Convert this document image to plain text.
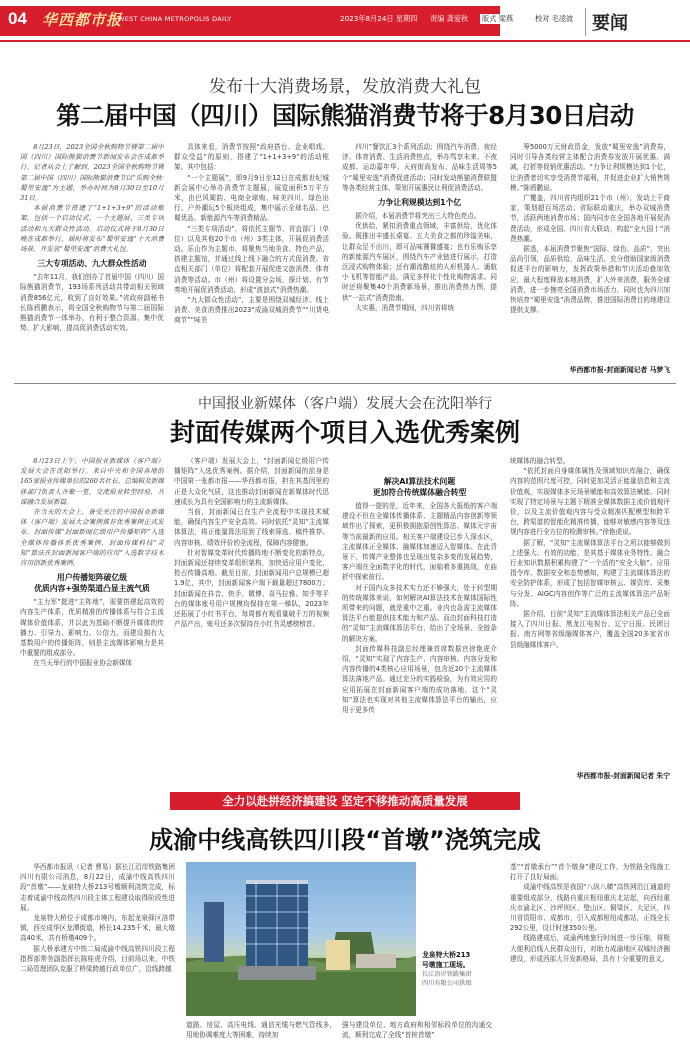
04 华西都市报
WEST CHINA METROPOLIS DAILY	2023年8月24日 星期四 责编 龚爱秋 版式 梁燕	校对 毛凌波 要闻
发布十大消费场景，发放消费大礼包
第二届中国（四川）国际熊猫消费节将于8月30日启动

8月23日，2023全国全秋购物节暨第二届中国（四川）国际熊猫消费节新闻发布会在成都举行。记者从会上了解到，2023全国全秋购物节暨第二届中国（四川）国际熊猫消费节以“乐购全秋·蜀里安逸”为主题，举办时间为8月30日至10月31日。

本届消费节搭建了“1+1+3+9”的活动框架，包括一个启动仪式、一个主题展、三类专项活动和九大群众性活动。启动仪式将于8月30日晚在成都举行，届时将发布“蜀里安逸”十大消费场景，并发放“蜀里安逸”消费大礼包。

三大专项活动、九大群众性活动

“去年11月，我们创办了首届中国（四川）国际熊猫消费节，193场系列活动共带动相关领域消费856亿元，收到了良好效果。”省政府副秘书长陈鸦鹏表示，将全国全秋购物节与第二届国际熊猫消费节一体举办，有利于整合资源、集中优势、扩大影响，提高促消费活动实效。

具体来看，消费节按照“政府搭台、企业唱戏、群众受益”的原则，搭建了“1+1+3+9”的活动框架。其中包括：

“一个主题展”，即9月9日至12日在成都世纪城新会展中心举办消费节主题展，展览面积5万平方米，由巴风蜀韵、电商全球购、味美四川、绿色出行、户外潮玩5个板块组成，集中展示全球名品、巴蜀优品、新能源汽车等消费精品。

“三类专项活动”，将依托主题节、省直部门（单位）以及其他20个市（州）3类主体，开展促消费活动。乐山作为主题市，将聚焦当地美食、特色产品，搭建主题馆，并通过线上线下融合的方式促消费。省直相关部门（单位）将配套开展促进文旅消费、体育消费等活动。市（州）将设置分会场，探计划、有节奏地开展促消费活动，形成“波浪式”消费热潮。

“九大群众性活动”，主要是围绕双城经济、线上消费、美食消费推出2023“成渝双城消费节”“川货电商节”“味美

四川”餐饮汇3个系列活动；围绕汽车消费、夜经济、体育消费、生活消费热点，举办骂享未来、不夜成都、运动嘉年华、天府街尚发布、品味生活周等5个“蜀里安逸”消费促进活动；同时发动熊猫消费联盟等各类经营主体，策划开展惠民让利促消费活动。

力争让利规模达到1个亿

据介绍，本届消费节将突出三大特色亮点。

优供给，紧扣消费重点领域，丰富供给，优化体验。既推出丰盛长桌宴、五大美食之都的珍馐美味，让群众足不出川，即可品味饕餮盛宴；也有乐购乐享的新能源汽车展区，围绕汽车产业链进行展示，打造沉浸式购物体验；还有潮流酷炫的人形机器人、通航小飞机等智能产品，满足多样化个性化购物需求。同时还将聚集40个消费新场景，推出消费热力图，提供“一站式”消费指南。

大实惠，消费节期间，四川省将统

筹5000万元财政资金，发放“蜀里安逸”消费券，同时引导各类经营主体配合消费券发放开展优惠、满减，打折等促销优惠活动。“力争让利规模达到1个亿，让消费者切实享受消费节福利，并促进企业扩大销售规模。”陈鸦鹏说。

广覆盖，四川省内组织21个市（州），发动上千商家，策划超百场活动；省际联动重庆，举办双城消费节，活跃两地消费市场；国内同步在全国各地开展促消费活动，形成全国、四川省大联动，构起“全九国十”消费热潮。

据悉，本届消费节聚焦“国际、绿色、品质”，突出品尚引领，品质供给，品味生活，充分借助国家级消费促进平台的影响力，发挥政策举措和节庆活动叠加效应，最大程度释放本地消费，扩大外来消费，服务全球消费，进一步擦亮全国消费市场活力，同时也为四川加快培育“蜀里安逸”消费品牌，推进国际消费目的地建设提供支撑。

华西都市报-封面新闻记者 马梦飞
中国报业新媒体（客户端）发展大会在沈阳举行
封面传媒两个项目入选优秀案例

8月23日上午，中国报业新媒体（客户端）发展大会在沈阳举行。来自中央和全国各地的165家报业传媒单位的260名社长、总编辑及新媒体部门负责人齐聚一堂，交流报业转型经验，共谋融合发展新篇。

在当天的大会上，备受关注的中国报业新媒体（客户端）发展大会案例推荐优秀案例正式发布。封面传媒“封面新闻亿级用户传播矩阵”入选全媒体传播体系优秀案例，封面传媒科技“灵知”算法在封面新闻客户端的应用”入选数字技术应用创新优秀案例。

用户传播矩阵破亿级
优质内容+强势渠道凸显主流气质

“主力军”挺进“主阵地”，需要搭建起高效的内容生产体系，优质精准的传播体系与符合主流媒体价值体系，并以此为基础不断提升媒体的传播力、引导力、影响力、公信力。而建设拥有大基数用户的传播矩阵，则是主流媒体影响力是其中重要的组成部分。

在当天举行的中国报业协会新媒体

（客户端）发展大会上，“封面新闻亿级用户传播矩阵”入选优秀案例。据介绍，封面新闻的前身是中国第一张都市报——华西都市报，担在其基因里的正是大众化气质，这也推动封面新闻在新媒体时代迅速成长为具有全国影响力的主流新媒体。

当前，封面新闻已在生产全流程中实现技术赋能，确保内容生产安全高效。同时依托“灵知”主流媒体算法，将正能量算法用到了线索筛选、稿件推荐、内容审核、绩效评价的全流程，保障内容健康。

针对智媒变革时代传播阵地不断变化的新特点，封面新闻还持续变革组织架构，加快适应用户变化，抢占传播高地。截至目前，封面新闻用户总规模已超1.9亿，其中，封面新闻客户端下载量超过7800万；封面新闻在抖音、快手、微博、喜马拉雅、知乎等平台的媒体账号用户规模均保持在第一梯队，2023年还拓展了小红书平台，每周都有观看量破千万的视频产品产出，账号还多次保持在小红书灵感榜榜首。

解决AI算法技术问题
更加符合传统媒体融合转型

值得一提的是，近年来，全国各大报纸的客户端建设不但在全媒体传播体系、主题精品内容创新等领域作出了探索，更积极拥抱原创性算法、媒体元宇宙等当前最新的应用。相关客户端建设已步入深水区，主流媒体正全媒体、融媒体加速迈入智媒体。在此背景下，传媒产业整体也呈现出复杂多变的发展趋势，客户端在全面数字化的时代，面临着多重挑战，在曲折中探索前行。

对于国内众多技术实力还不够强大，处于转型期的传统媒体来说，如何解决AI算法技术在媒体国际性所带来的问题，就是重中之重。业内也急需主流媒体算法平台能提供技术能力和产品。而由封面科技打造的“灵知”主流媒体算法平台，给出了全场景、全链条的解决方案。

封面传媒科技副总经理兼首席数据官徐艳虎介绍，“灵知”实现了内容生产、内容审核、内容分发和内容传播的4类核心应用场景，包含近20个主流媒体算法落地产品。通过充分的实践检验，为有效应用的应用拓展在封面新闻客户端的成功落地，这个“灵知”算法也实现对其他主流媒体算法平台的输出，应用于更多传

统媒体的融合转型。

“依托封面自身媒体属性及领域知识库融合，确保内容的范围尺度可控，同时更加灵活正能量信息和主流价值观，实现媒体多元场景赋能和高效算法赋能。同时实现了特定场景与主题下精准全媒体数据主流价值观评价，以及主流价值观内容与受众精准匹配模型和跨平台，跨渠道的智能化精准传播，能够对敏感内容等及违规内容进行全方位的检测审核。”徐艳虎说。

据了解，“灵知”主流媒体算法平台之所以能够做到上述强大、有效的功能，是其基于媒体业务特性、融合行业知识数据积累构建了“一个活的”安全大脑”。应用指令库、数据安全和态势感知，构建了主流媒体算法的安全防护体系，形成了包括智媒审核云、媒资库、采集与分发、AIGC内容创作等广泛的主流媒体算法产品矩阵。

据介绍，目前“灵知”主流媒体算法相关产品已全面接入了四川日报、黑龙江电视台、辽宁日报、民团日报、南方网等省级融媒体客户，覆盖全国20多家省市县级融媒体客户。

华西都市报-封面新闻记者 朱宁
全力以赴拼经济搞建设 坚定不移推动高质量发展
成渝中线高铁四川段“首墩”浇筑完成

华西都市报讯（记者 曹易）据长江沿岸铁路集团四川有限公司消息，8月22日，成渝中线高铁四川段“首墩”——龙泉特大桥213号墩顺利浇筑完成，标志着成渝中线高铁四川段主体工程建设取得阶段性进展。

龙泉特大桥位于成都市境内，东起龙泉驿区洛带镇，西至成华区龙潭街道，桥长14.235千米，最大墩高40米，共有桥墩409个。

据大桥承建方中铁二局成渝中线高铁四川段工程指挥部常务副指挥长陈桂虎介绍，目前场以来，中铁二局管理团队克服了桥梁跨越行政单位广，沿线跨越

龙泉特大桥213号墩施工现场。
长江沿岸铁路集团四川有限公司供图

道路、房屋、高压电线、通信光缆与燃气管线多，用地协调难度大等困难，持续加

强与建设单位、地方政府和相邻标段单位的沟通交流，顺利完成了全线“首桩首墩”

基”“首墩承台”“首个墩身”建设工作，为铁路全线施工打开了良好局面。

成渝中线高铁是我国“八纵八横”高铁网沿江通道的重要组成部分，线路自重庆枢纽重庆北站起，向西经重庆市渝北区、沙坪坝区、璧山区、铜梁区、大足区，四川省资阳市、成都市，引入成都枢纽成都站，正线全长292公里，设计时速350公里。

线路建成后，成渝两地旅行时间进一步压缩，将极大便利沿线人民群众出行，对助力成渝地区双城经济圈建设，形成西部大开发新格局，具有十分重要的意义。
